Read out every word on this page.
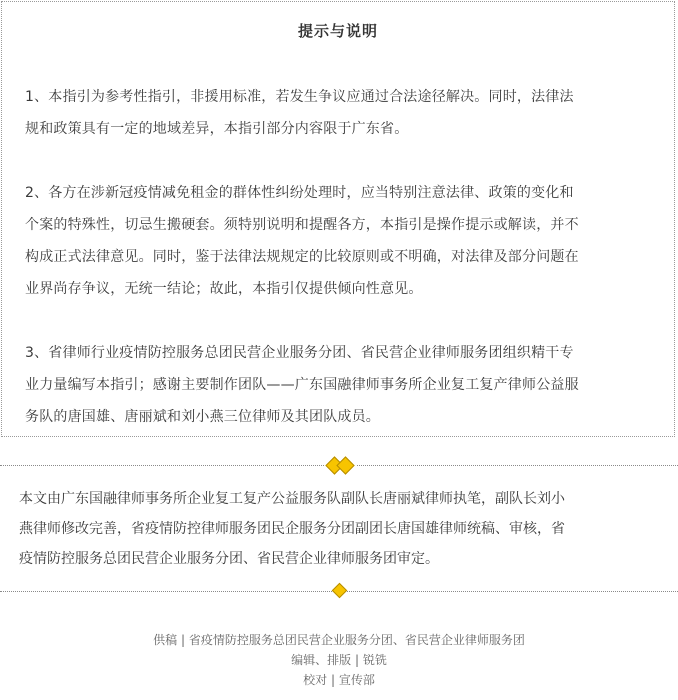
提示与说明
1、本指引为参考性指引，非援用标准，若发生争议应通过合法途径解决。同时，法律法
规和政策具有一定的地域差异，本指引部分内容限于广东省。
2、各方在涉新冠疫情减免租金的群体性纠纷处理时，应当特别注意法律、政策的变化和
个案的特殊性，切忌生搬硬套。须特别说明和提醒各方，本指引是操作提示或解读，并不
构成正式法律意见。同时，鉴于法律法规规定的比较原则或不明确，对法律及部分问题在
业界尚存争议，无统一结论；故此，本指引仅提供倾向性意见。
3、省律师行业疫情防控服务总团民营企业服务分团、省民营企业律师服务团组织精干专
业力量编写本指引；感谢主要制作团队——广东国融律师事务所企业复工复产律师公益服
务队的唐国雄、唐丽斌和刘小燕三位律师及其团队成员。
本文由广东国融律师事务所企业复工复产公益服务队副队长唐丽斌律师执笔，副队长刘小
燕律师修改完善，省疫情防控律师服务团民企服务分团副团长唐国雄律师统稿、审核，省
疫情防控服务总团民营企业服务分团、省民营企业律师服务团审定。
供稿 | 省疫情防控服务总团民营企业服务分团、省民营企业律师服务团
编辑、排版 | 锐铣
校对 | 宣传部
